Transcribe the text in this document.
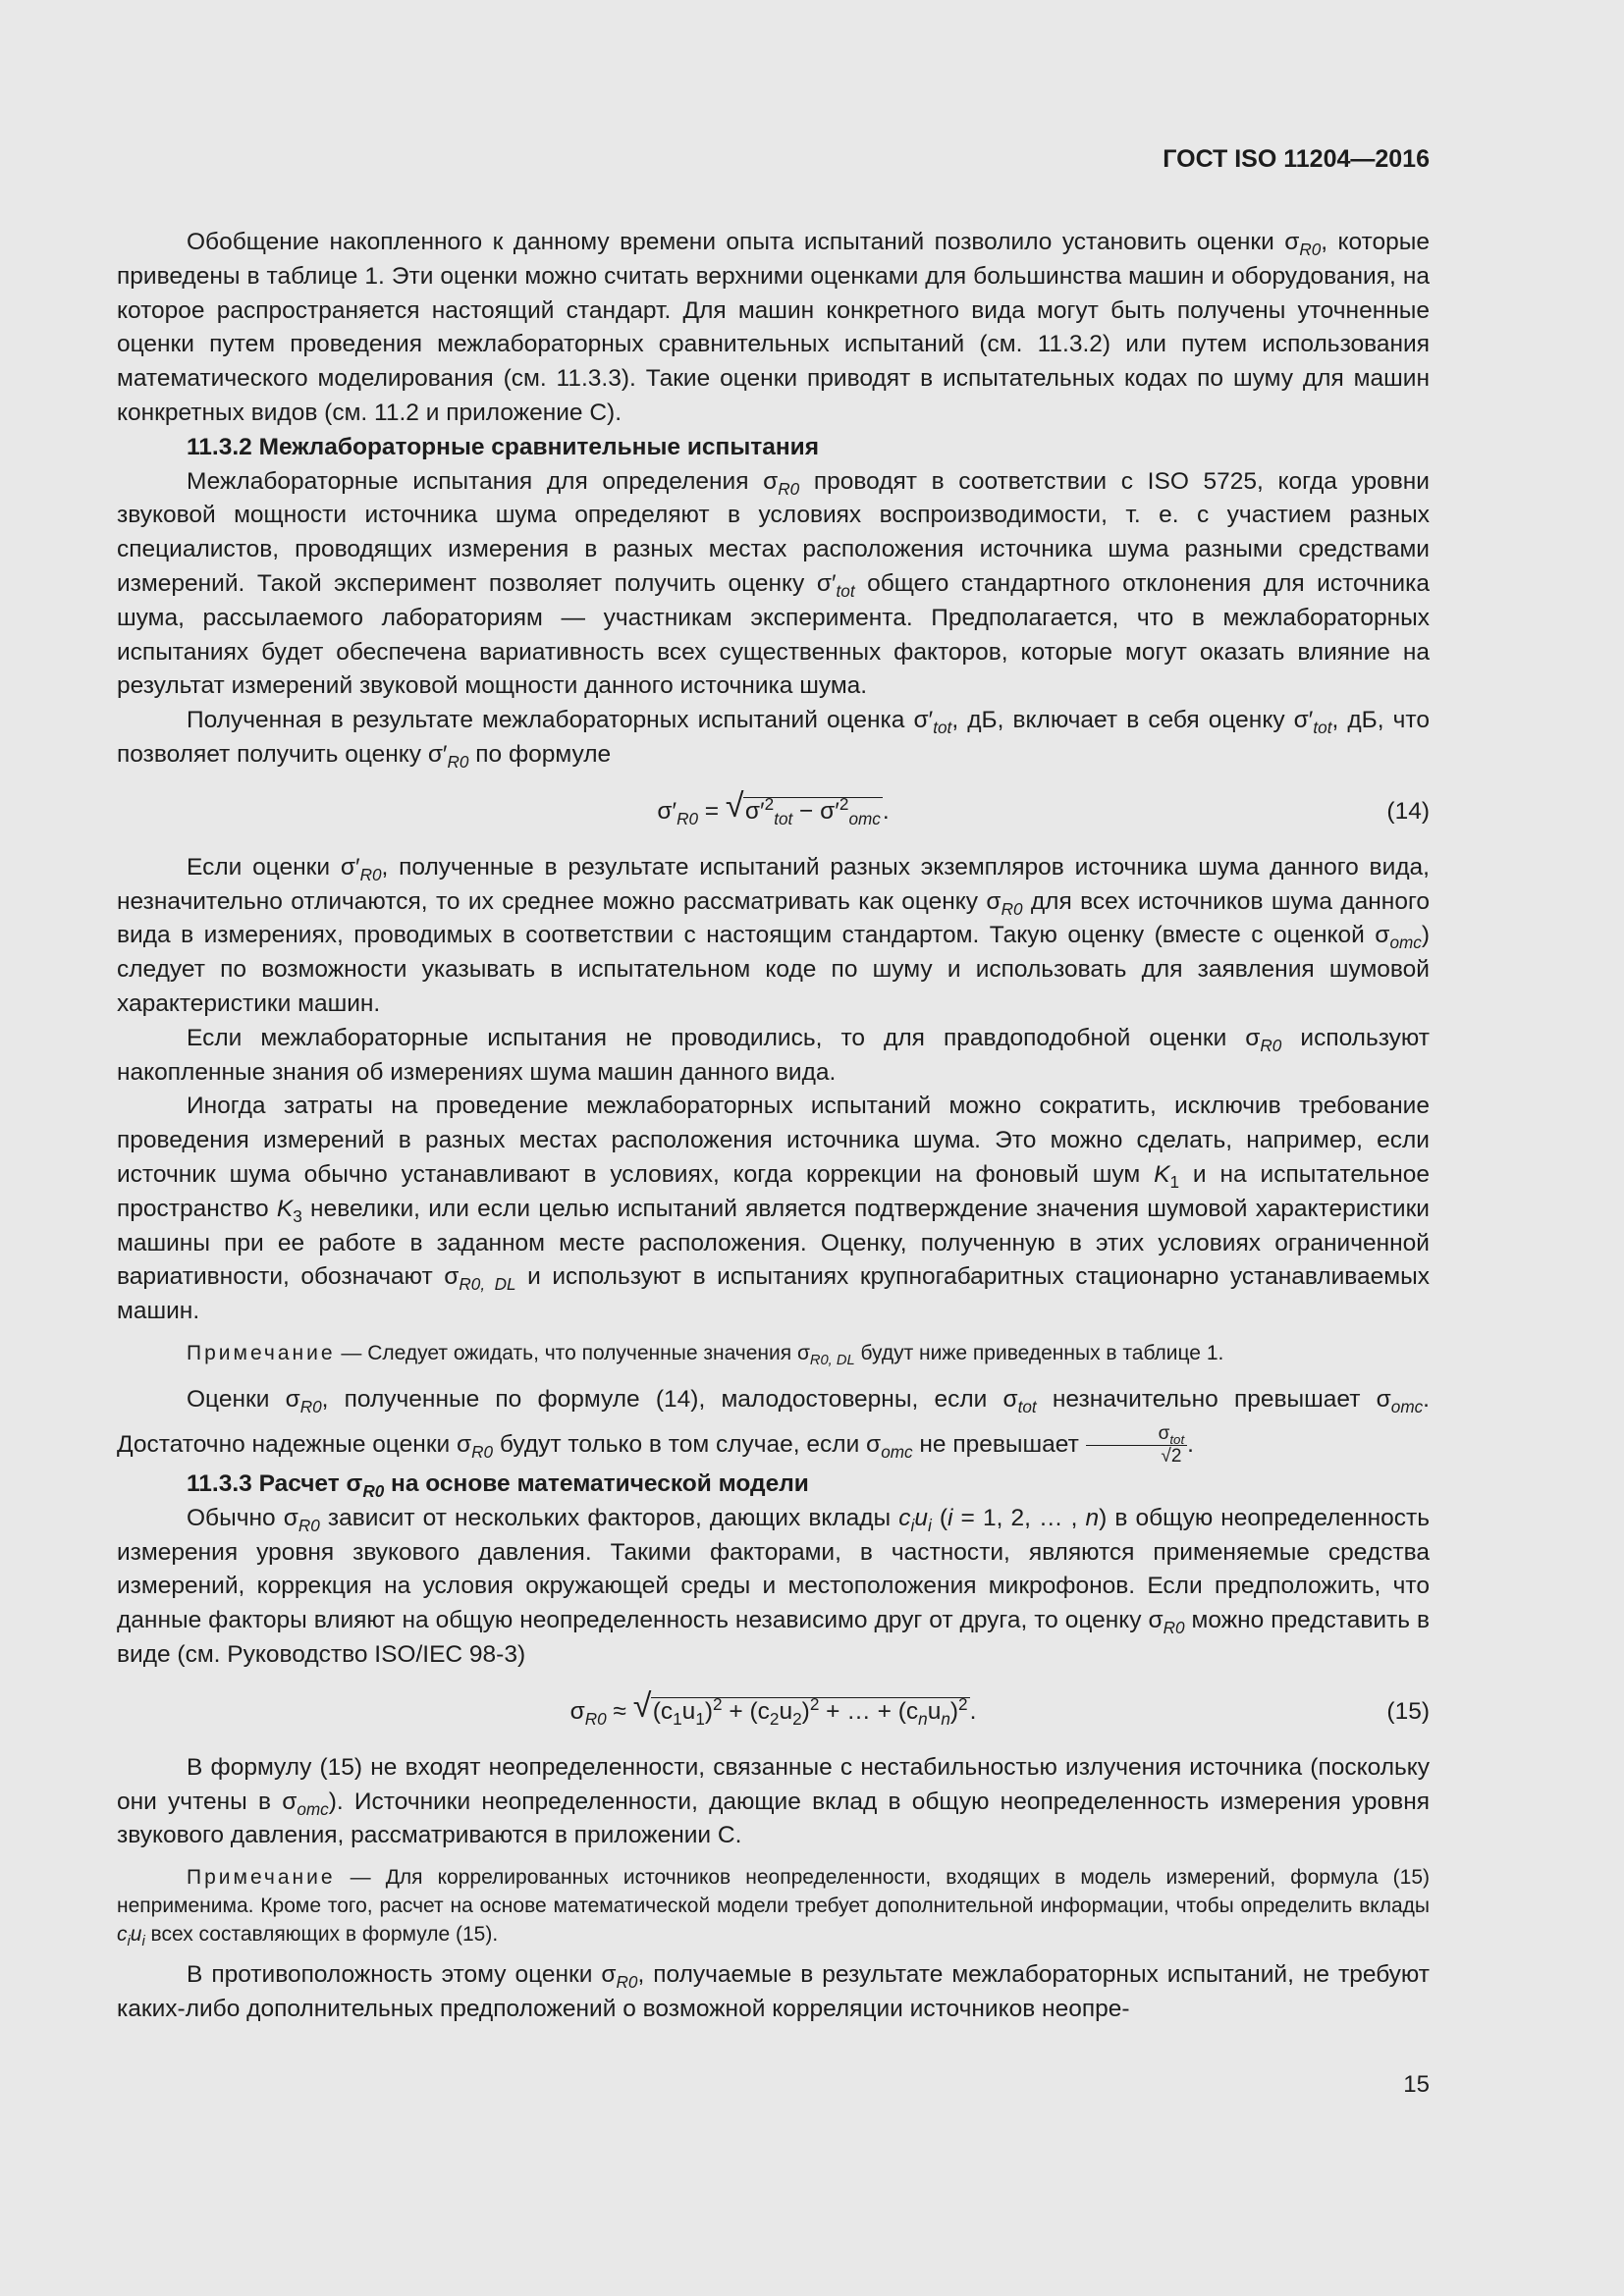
ГОСТ ISO 11204—2016

Обобщение накопленного к данному времени опыта испытаний позволило установить оценки $\sigma_{R0}$, которые приведены в таблице 1. Эти оценки можно считать верхними оценками для большинства машин и оборудования, на которое распространяется настоящий стандарт. Для машин конкретного вида могут быть получены уточненные оценки путем проведения межлабораторных сравнительных испытаний (см. 11.3.2) или путем использования математического моделирования (см. 11.3.3). Такие оценки приводят в испытательных кодах по шуму для машин конкретных видов (см. 11.2 и приложение С).

11.3.2 Межлабораторные сравнительные испытания

Межлабораторные испытания для определения $\sigma_{R0}$ проводят в соответствии с ISO 5725, когда уровни звуковой мощности источника шума определяют в условиях воспроизводимости, т. е. с участием разных специалистов, проводящих измерения в разных местах расположения источника шума разными средствами измерений. Такой эксперимент позволяет получить оценку $\sigma'_{tot}$ общего стандартного отклонения для источника шума, рассылаемого лабораториям — участникам эксперимента. Предполагается, что в межлабораторных испытаниях будет обеспечена вариативность всех существенных факторов, которые могут оказать влияние на результат измерений звуковой мощности данного источника шума.

Полученная в результате межлабораторных испытаний оценка $\sigma'_{tot}$, дБ, включает в себя оценку $\sigma'_{tot}$, дБ, что позволяет получить оценку $\sigma'_{R0}$ по формуле

$\sigma'_{R0}$ = √ $\sigma'^2_{tot} - \sigma'^2_{omc}$.	(14)

Если оценки $\sigma'_{R0}$, полученные в результате испытаний разных экземпляров источника шума данного вида, незначительно отличаются, то их среднее можно рассматривать как оценку $\sigma_{R0}$ для всех источников шума данного вида в измерениях, проводимых в соответствии с настоящим стандартом. Такую оценку (вместе с оценкой $\sigma_{omc}$) следует по возможности указывать в испытательном коде по шуму и использовать для заявления шумовой характеристики машин.

Если межлабораторные испытания не проводились, то для правдоподобной оценки $\sigma_{R0}$ используют накопленные знания об измерениях шума машин данного вида.

Иногда затраты на проведение межлабораторных испытаний можно сократить, исключив требование проведения измерений в разных местах расположения источника шума. Это можно сделать, например, если источник шума обычно устанавливают в условиях, когда коррекции на фоновый шум $K_1$ и на испытательное пространство $K_3$ невелики, или если целью испытаний является подтверждение значения шумовой характеристики машины при ее работе в заданном месте расположения. Оценку, полученную в этих условиях ограниченной вариативности, обозначают $\sigma_{R0, DL}$ и используют в испытаниях крупногабаритных стационарно устанавливаемых машин.

Примечание — Следует ожидать, что полученные значения $\sigma_{R0, DL}$ будут ниже приведенных в таблице 1.

Оценки $\sigma_{R0}$, полученные по формуле (14), малодостоверны, если $\sigma_{tot}$ незначительно превышает $\sigma_{omc}$. Достаточно надежные оценки $\sigma_{R0}$ будут только в том случае, если $\sigma_{omc}$ не превышает $\frac{\sigma_{tot}}{√2}$ .

11.3.3 Расчет $\sigma_{R0}$ на основе математической модели

Обычно $\sigma_{R0}$ зависит от нескольких факторов, дающих вклады $c_iu_i$ (i = 1, 2, … , n) в общую неопределенность измерения уровня звукового давления. Такими факторами, в частности, являются применяемые средства измерений, коррекция на условия окружающей среды и местоположения микрофонов. Если предположить, что данные факторы влияют на общую неопределенность независимо друг от друга, то оценку $\sigma_{R0}$ можно представить в виде (см. Руководство ISO/IEC 98-3)

$\sigma_{R0}$ ≈ √ $(c_1u_1)^2 + (c_2u_2)^2$ + … + $(c_nu_n)^2$.	(15)

В формулу (15) не входят неопределенности, связанные с нестабильностью излучения источника (поскольку они учтены в $\sigma_{omc}$). Источники неопределенности, дающие вклад в общую неопределенность измерения уровня звукового давления, рассматриваются в приложении С.

Примечание — Для коррелированных источников неопределенности, входящих в модель измерений, формула (15) неприменима. Кроме того, расчет на основе математической модели требует дополнительной информации, чтобы определить вклады $c_iu_i$ всех составляющих в формуле (15).

В противоположность этому оценки $\sigma_{R0}$, получаемые в результате межлабораторных испытаний, не требуют каких-либо дополнительных предположений о возможной корреляции источников неопре-

15
